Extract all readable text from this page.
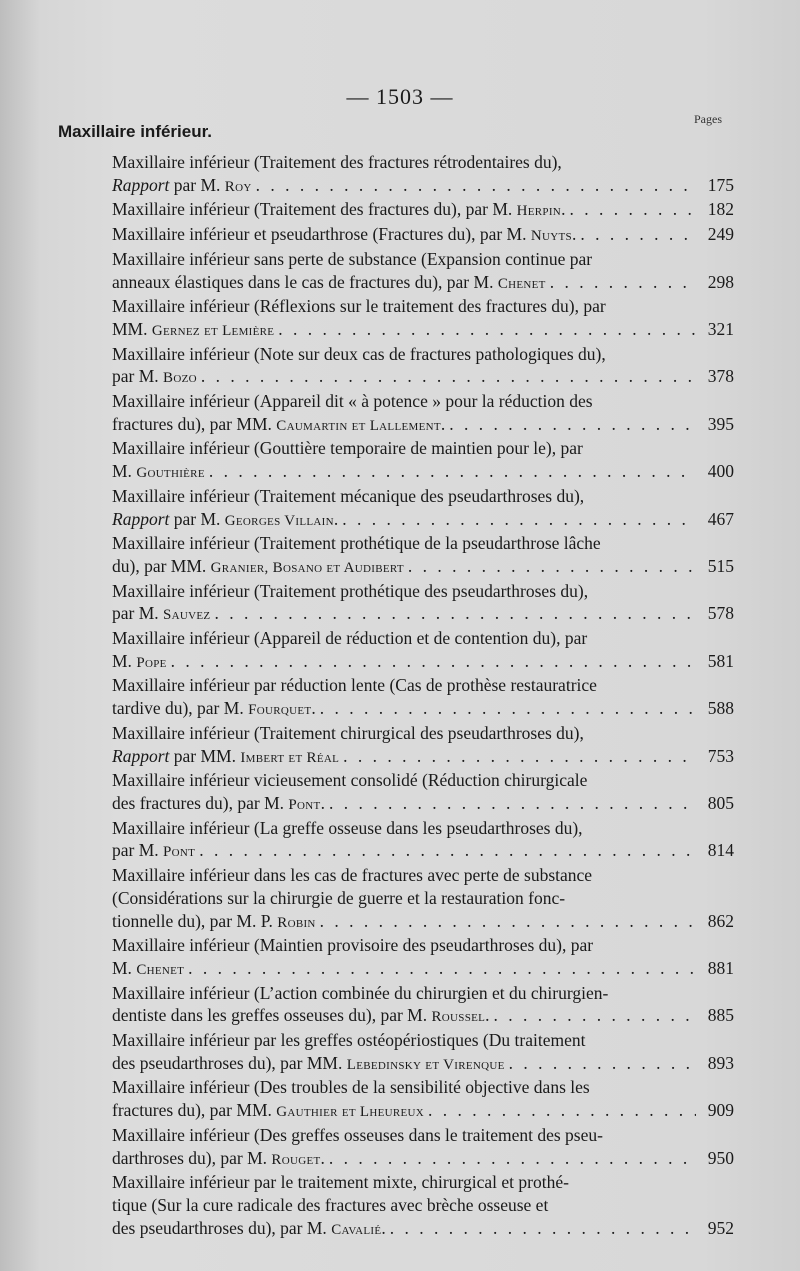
— 1503 —
Pages
Maxillaire inférieur.
Maxillaire inférieur (Traitement des fractures rétrodentaires du),
Rapport par M. Roy . . .	175
Maxillaire inférieur (Traitement des fractures du), par M. Herpin. . . .	182
Maxillaire inférieur et pseudarthrose (Fractures du), par M. Nuyts. . . .	249
Maxillaire inférieur sans perte de substance (Expansion continue par
anneaux élastiques dans le cas de fractures du), par M. Chenet . . .	298
Maxillaire inférieur (Réflexions sur le traitement des fractures du), par
MM. Gernez et Lemière . . .	321
Maxillaire inférieur (Note sur deux cas de fractures pathologiques du),
par M. Bozo . . .	378
Maxillaire inférieur (Appareil dit « à potence » pour la réduction des
fractures du), par MM. Caumartin et Lallement. . . .	395
Maxillaire inférieur (Gouttière temporaire de maintien pour le), par
M. Gouthière . . .	400
Maxillaire inférieur (Traitement mécanique des pseudarthroses du),
Rapport par M. Georges Villain. . . .	467
Maxillaire inférieur (Traitement prothétique de la pseudarthrose lâche
du), par MM. Granier, Bosano et Audibert . . .	515
Maxillaire inférieur (Traitement prothétique des pseudarthroses du),
par M. Sauvez . . .	578
Maxillaire inférieur (Appareil de réduction et de contention du), par
M. Pope . . .	581
Maxillaire inférieur par réduction lente (Cas de prothèse restauratrice
tardive du), par M. Fourquet. . . .	588
Maxillaire inférieur (Traitement chirurgical des pseudarthroses du),
Rapport par MM. Imbert et Réal . . .	753
Maxillaire inférieur vicieusement consolidé (Réduction chirurgicale
des fractures du), par M. Pont. . . .	805
Maxillaire inférieur (La greffe osseuse dans les pseudarthroses du),
par M. Pont . . .	814
Maxillaire inférieur dans les cas de fractures avec perte de substance
(Considérations sur la chirurgie de guerre et la restauration fonc-
tionnelle du), par M. P. Robin . . .	862
Maxillaire inférieur (Maintien provisoire des pseudarthroses du), par
M. Chenet . . .	881
Maxillaire inférieur (L’action combinée du chirurgien et du chirurgien-
dentiste dans les greffes osseuses du), par M. Roussel. . . .	885
Maxillaire inférieur par les greffes ostéopériostiques (Du traitement
des pseudarthroses du), par MM. Lebedinsky et Virenque . . .	893
Maxillaire inférieur (Des troubles de la sensibilité objective dans les
fractures du), par MM. Gauthier et Lheureux . . .	909
Maxillaire inférieur (Des greffes osseuses dans le traitement des pseu-
darthroses du), par M. Rouget. . . .	950
Maxillaire inférieur par le traitement mixte, chirurgical et prothé-
tique (Sur la cure radicale des fractures avec brèche osseuse et
des pseudarthroses du), par M. Cavalié. . . .	952
